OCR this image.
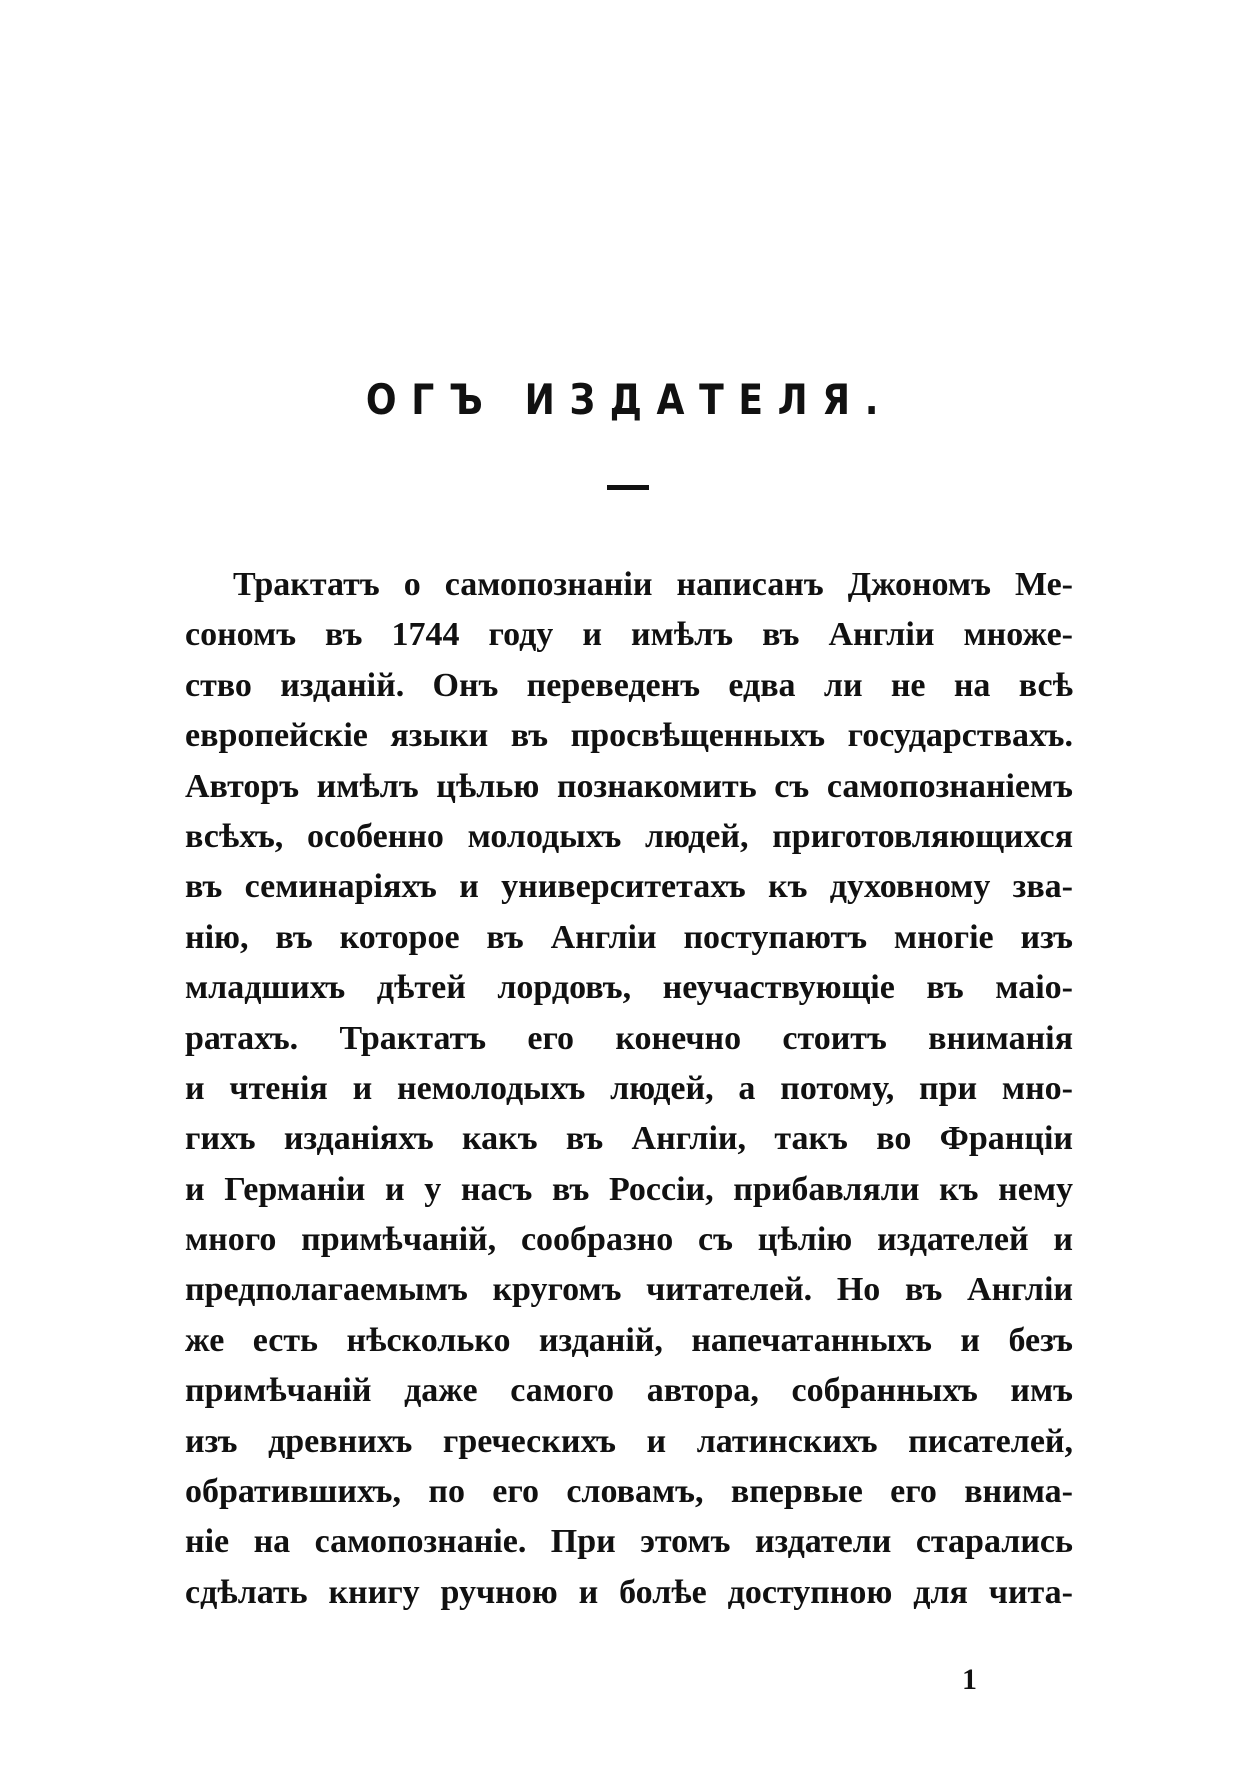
ОГЪ ИЗДАТЕЛЯ.
Трактатъ о самопознаніи написанъ Джономъ Ме-
сономъ въ 1744 году и имѣлъ въ Англіи множе-
ство изданій. Онъ переведенъ едва ли не на всѣ
европейскіе языки въ просвѣщенныхъ государствахъ.
Авторъ имѣлъ цѣлью познакомить съ самопознаніемъ
всѣхъ, особенно молодыхъ людей, приготовляющихся
въ семинаріяхъ и университетахъ къ духовному зва-
нію, въ которое въ Англіи поступаютъ многіе изъ
младшихъ дѣтей лордовъ, неучаствующіе въ маіо-
ратахъ. Трактатъ его конечно стоитъ вниманія
и чтенія и немолодыхъ людей, а потому, при мно-
гихъ изданіяхъ какъ въ Англіи, такъ во Франціи
и Германіи и у насъ въ Россіи, прибавляли къ нему
много примѣчаній, сообразно съ цѣлію издателей и
предполагаемымъ кругомъ читателей. Но въ Англіи
же есть нѣсколько изданій, напечатанныхъ и безъ
примѣчаній даже самого автора, собранныхъ имъ
изъ древнихъ греческихъ и латинскихъ писателей,
обратившихъ, по его словамъ, впервые его внима-
ніе на самопознаніе. При этомъ издатели старались
сдѣлать книгу ручною и болѣе доступною для чита-
1
